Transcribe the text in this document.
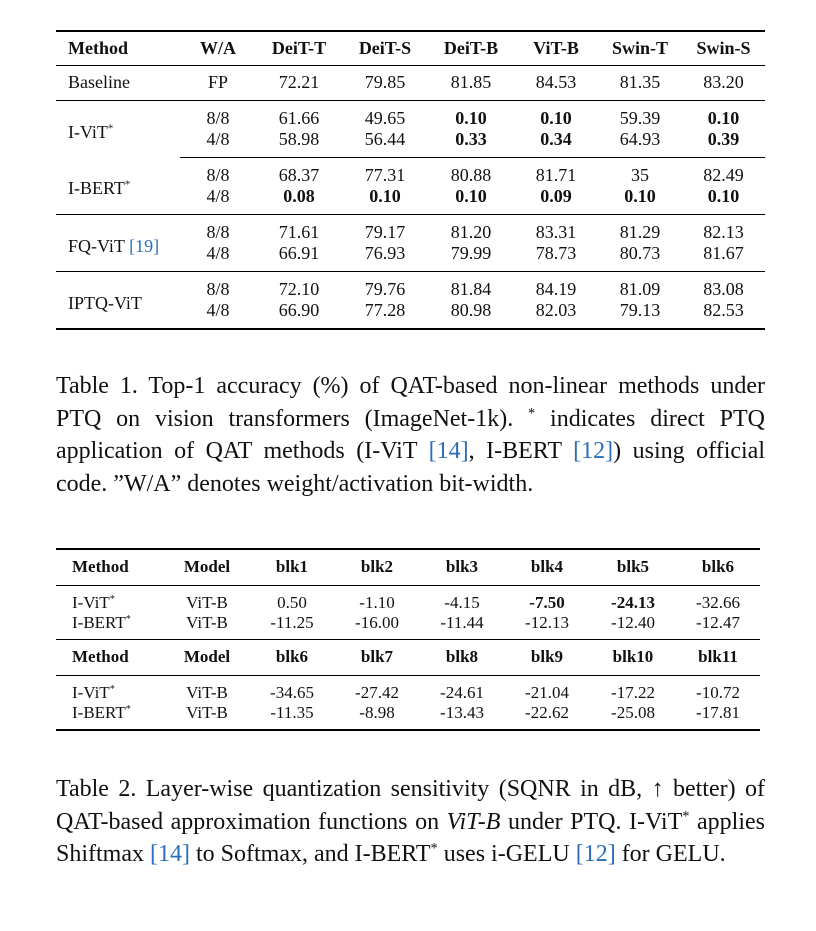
Method	W/A	DeiT-T	DeiT-S	DeiT-B	ViT-B	Swin-T	Swin-S
Baseline	FP	72.21	79.85	81.85	84.53	81.35	83.20
I-ViT*	8/8	61.66	49.65	0.10	0.10	59.39	0.10
	4/8	58.98	56.44	0.33	0.34	64.93	0.39
I-BERT*	8/8	68.37	77.31	80.88	81.71	35	82.49
	4/8	0.08	0.10	0.10	0.09	0.10	0.10
FQ-ViT [19]	8/8	71.61	79.17	81.20	83.31	81.29	82.13
	4/8	66.91	76.93	79.99	78.73	80.73	81.67
IPTQ-ViT	8/8	72.10	79.76	81.84	84.19	81.09	83.08
	4/8	66.90	77.28	80.98	82.03	79.13	82.53
Table 1. Top-1 accuracy (%) of QAT-based non-linear methods under PTQ on vision transformers (ImageNet-1k). * indicates direct PTQ application of QAT methods (I-ViT [14], I-BERT [12]) using official code. ”W/A” denotes weight/activation bit-width.
Method	Model	blk1	blk2	blk3	blk4	blk5	blk6
I-ViT*	ViT-B	0.50	-1.10	-4.15	-7.50	-24.13	-32.66
I-BERT*	ViT-B	-11.25	-16.00	-11.44	-12.13	-12.40	-12.47
Method	Model	blk6	blk7	blk8	blk9	blk10	blk11
I-ViT*	ViT-B	-34.65	-27.42	-24.61	-21.04	-17.22	-10.72
I-BERT*	ViT-B	-11.35	-8.98	-13.43	-22.62	-25.08	-17.81
Table 2. Layer-wise quantization sensitivity (SQNR in dB, ↑ better) of QAT-based approximation functions on ViT-B under PTQ. I-ViT* applies Shiftmax [14] to Softmax, and I-BERT* uses i-GELU [12] for GELU.
